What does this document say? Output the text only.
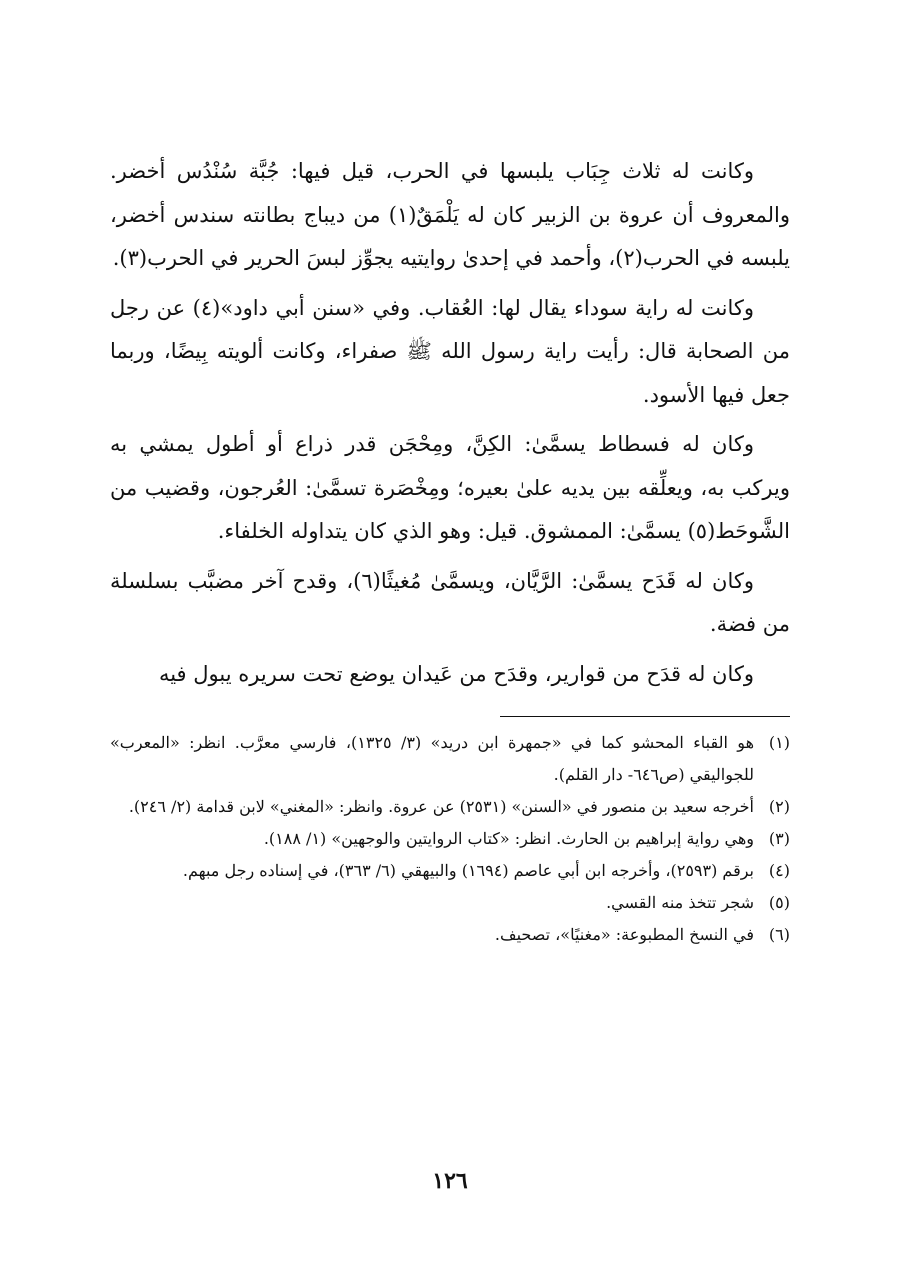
وكانت له ثلاث جِبَاب يلبسها في الحرب، قيل فيها: جُبَّة سُنْدُس أخضر. والمعروف أن عروة بن الزبير كان له يَلْمَقٌ(١) من ديباج بطانته سندس أخضر، يلبسه في الحرب(٢)، وأحمد في إحدىٰ روايتيه يجوِّز لبسَ الحرير في الحرب(٣).

وكانت له راية سوداء يقال لها: العُقاب. وفي «سنن أبي داود»(٤) عن رجل من الصحابة قال: رأيت راية رسول الله ﷺ صفراء، وكانت ألويته بِيضًا، وربما جعل فيها الأسود.

وكان له فسطاط يسمَّىٰ: الكِنَّ، ومِحْجَن قدر ذراع أو أطول يمشي به ويركب به، ويعلِّقه بين يديه علىٰ بعيره؛ ومِخْصَرة تسمَّىٰ: العُرجون، وقضيب من الشَّوحَط(٥) يسمَّىٰ: الممشوق. قيل: وهو الذي كان يتداوله الخلفاء.

وكان له قَدَح يسمَّىٰ: الرَّيَّان، ويسمَّىٰ مُغيثًا(٦)، وقدح آخر مضبَّب بسلسلة من فضة.

وكان له قدَح من قوارير، وقدَح من عَيدان يوضع تحت سريره يبول فيه

(١)
هو القباء المحشو كما في «جمهرة ابن دريد» (٣/ ١٣٢٥)، فارسي معرَّب. انظر: «المعرب» للجواليقي (ص٦٤٦- دار القلم).
(٢)
أخرجه سعيد بن منصور في «السنن» (٢٥٣١) عن عروة. وانظر: «المغني» لابن قدامة (٢/ ٢٤٦).
(٣)
وهي رواية إبراهيم بن الحارث. انظر: «كتاب الروايتين والوجهين» (١/ ١٨٨).
(٤)
برقم (٢٥٩٣)، وأخرجه ابن أبي عاصم (١٦٩٤) والبيهقي (٦/ ٣٦٣)، في إسناده رجل مبهم.
(٥)
شجر تتخذ منه القسي.
(٦)
في النسخ المطبوعة: «مغنيًا»، تصحيف.
١٢٦
